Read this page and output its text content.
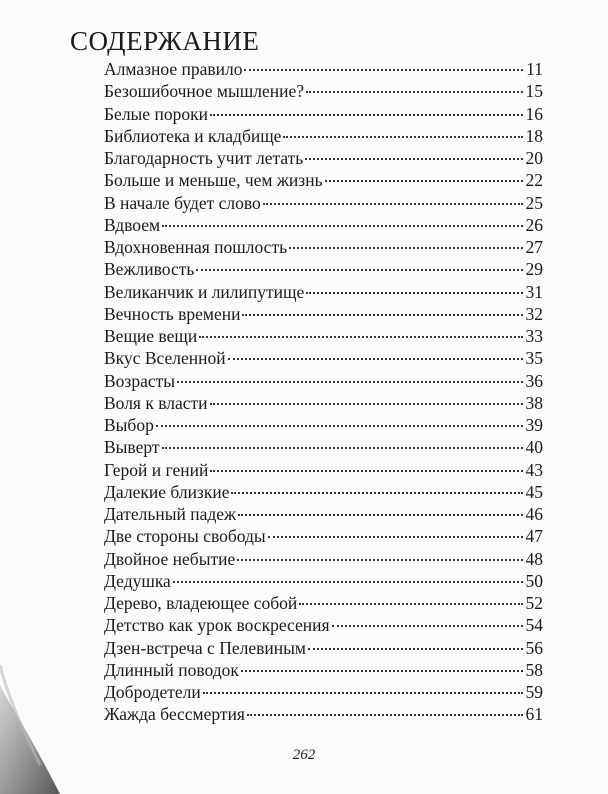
СОДЕРЖАНИЕ
Алмазное правило	11
Безошибочное мышление?	15
Белые пороки	16
Библиотека и кладбище	18
Благодарность учит летать	20
Больше и меньше, чем жизнь	22
В начале будет слово	25
Вдвоем	26
Вдохновенная пошлость	27
Вежливость	29
Великанчик и лилипутище	31
Вечность времени	32
Вещие вещи	33
Вкус Вселенной	35
Возрасты	36
Воля к власти	38
Выбор	39
Выверт	40
Герой и гений	43
Далекие близкие	45
Дательный падеж	46
Две стороны свободы	47
Двойное небытие	48
Дедушка	50
Дерево, владеющее собой	52
Детство как урок воскресения	54
Дзен-встреча с Пелевиным	56
Длинный поводок	58
Добродетели	59
Жажда бессмертия	61
262
